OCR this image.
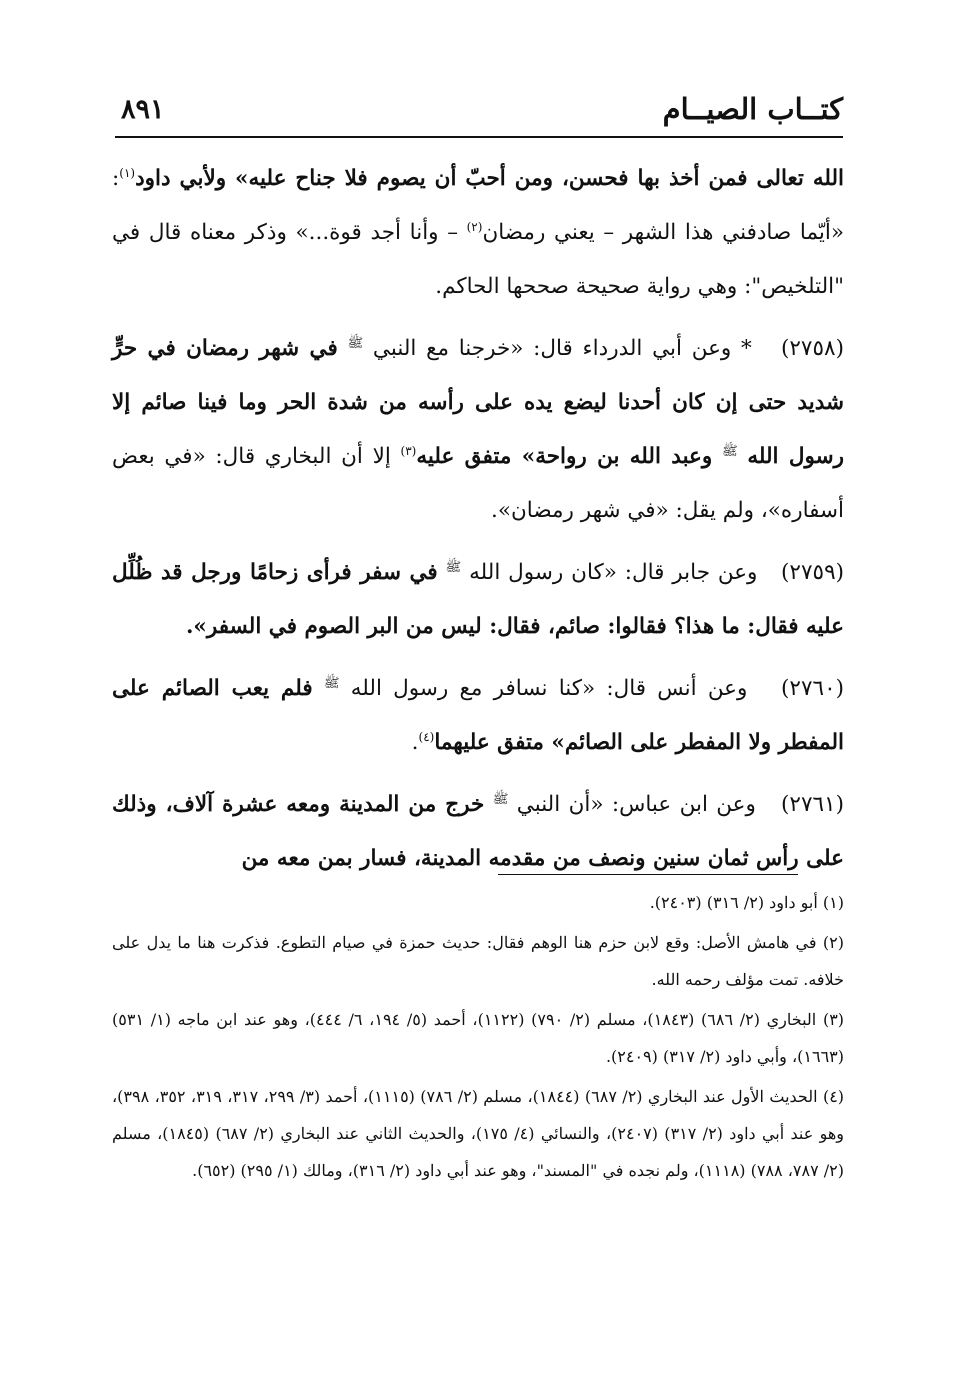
كتــاب الصيــام
٨٩١

الله تعالى فمن أخذ بها فحسن، ومن أحبّ أن يصوم فلا جناح عليه» ولأبي داود$^{(١)}$: «أيّما صادفني هذا الشهر – يعني رمضان$^{(٢)}$ – وأنا أجد قوة...» وذكر معناه قال في "التلخيص": وهي رواية صحيحة صححها الحاكم.

(٢٧٥٨)   * وعن أبي الدرداء قال: «خرجنا مع النبي $^ﷺ$ في شهر رمضان في حرٍّ شديد حتى إن كان أحدنا ليضع يده على رأسه من شدة الحر وما فينا صائم إلا رسول الله $^ﷺ$ وعبد الله بن رواحة» متفق عليه$^{(٣)}$ إلا أن البخاري قال: «في بعض أسفاره»، ولم يقل: «في شهر رمضان».

(٢٧٥٩)   وعن جابر قال: «كان رسول الله $^ﷺ$ في سفر فرأى زحامًا ورجل قد ظُلِّل عليه فقال: ما هذا؟ فقالوا: صائم، فقال: ليس من البر الصوم في السفر».

(٢٧٦٠)   وعن أنس قال: «كنا نسافر مع رسول الله $^ﷺ$ فلم يعب الصائم على المفطر ولا المفطر على الصائم» متفق عليهما$^{(٤)}$.

(٢٧٦١)   وعن ابن عباس: «أن النبي $^ﷺ$ خرج من المدينة ومعه عشرة آلاف، وذلك على رأس ثمان سنين ونصف من مقدمه المدينة، فسار بمن معه من

(١) أبو داود (٢/ ٣١٦) (٢٤٠٣).

(٢) في هامش الأصل: وقع لابن حزم هنا الوهم فقال: حديث حمزة في صيام التطوع. فذكرت هنا ما يدل على خلافه. تمت مؤلف رحمه الله.

(٣) البخاري (٢/ ٦٨٦) (١٨٤٣)، مسلم (٢/ ٧٩٠) (١١٢٢)، أحمد (٥/ ١٩٤، ٦/ ٤٤٤)، وهو عند ابن ماجه (١/ ٥٣١) (١٦٦٣)، وأبي داود (٢/ ٣١٧) (٢٤٠٩).

(٤) الحديث الأول عند البخاري (٢/ ٦٨٧) (١٨٤٤)، مسلم (٢/ ٧٨٦) (١١١٥)، أحمد (٣/ ٢٩٩، ٣١٧، ٣١٩، ٣٥٢، ٣٩٨)، وهو عند أبي داود (٢/ ٣١٧) (٢٤٠٧)، والنسائي (٤/ ١٧٥)، والحديث الثاني عند البخاري (٢/ ٦٨٧) (١٨٤٥)، مسلم (٢/ ٧٨٧، ٧٨٨) (١١١٨)، ولم نجده في "المسند"، وهو عند أبي داود (٢/ ٣١٦)، ومالك (١/ ٢٩٥) (٦٥٢).
